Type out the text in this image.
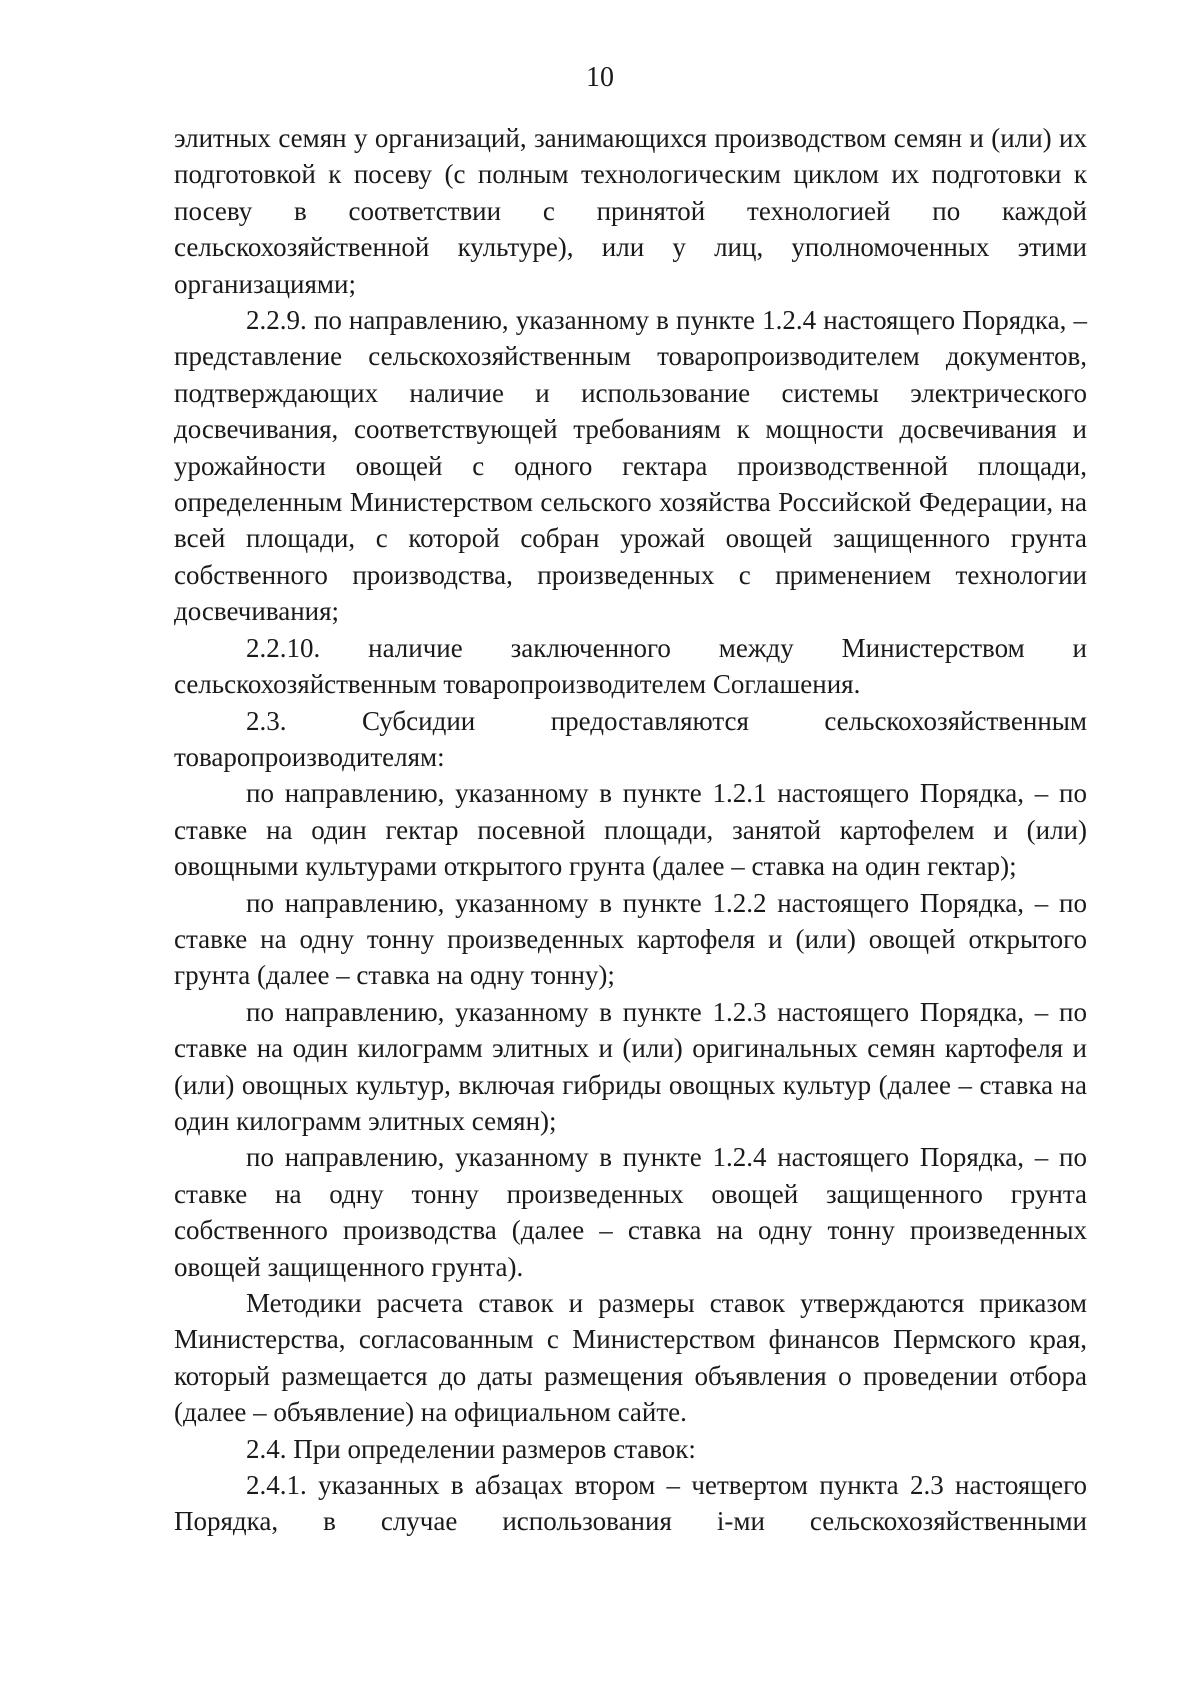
10

элитных семян у организаций, занимающихся производством семян и (или) их подготовкой к посеву (с полным технологическим циклом их подготовки к посеву в соответствии с принятой технологией по каждой сельскохозяйственной культуре), или у лиц, уполномоченных этими организациями;

2.2.9. по направлению, указанному в пункте 1.2.4 настоящего Порядка, – представление сельскохозяйственным товаропроизводителем документов, подтверждающих наличие и использование системы электрического досвечивания, соответствующей требованиям к мощности досвечивания и урожайности овощей с одного гектара производственной площади, определенным Министерством сельского хозяйства Российской Федерации, на всей площади, с которой собран урожай овощей защищенного грунта собственного производства, произведенных с применением технологии досвечивания;

2.2.10. наличие заключенного между Министерством и сельскохозяйственным товаропроизводителем Соглашения.

2.3. Субсидии предоставляются сельскохозяйственным товаропроизводителям:

по направлению, указанному в пункте 1.2.1 настоящего Порядка, – по ставке на один гектар посевной площади, занятой картофелем и (или) овощными культурами открытого грунта (далее – ставка на один гектар);

по направлению, указанному в пункте 1.2.2 настоящего Порядка, – по ставке на одну тонну произведенных картофеля и (или) овощей открытого грунта (далее – ставка на одну тонну);

по направлению, указанному в пункте 1.2.3 настоящего Порядка, – по ставке на один килограмм элитных и (или) оригинальных семян картофеля и (или) овощных культур, включая гибриды овощных культур (далее – ставка на один килограмм элитных семян);

по направлению, указанному в пункте 1.2.4 настоящего Порядка, – по ставке на одну тонну произведенных овощей защищенного грунта собственного производства (далее – ставка на одну тонну произведенных овощей защищенного грунта).

Методики расчета ставок и размеры ставок утверждаются приказом Министерства, согласованным с Министерством финансов Пермского края, который размещается до даты размещения объявления о проведении отбора (далее – объявление) на официальном сайте.

2.4. При определении размеров ставок:

2.4.1. указанных в абзацах втором – четвертом пункта 2.3 настоящего Порядка, в случае использования i-ми сельскохозяйственными
